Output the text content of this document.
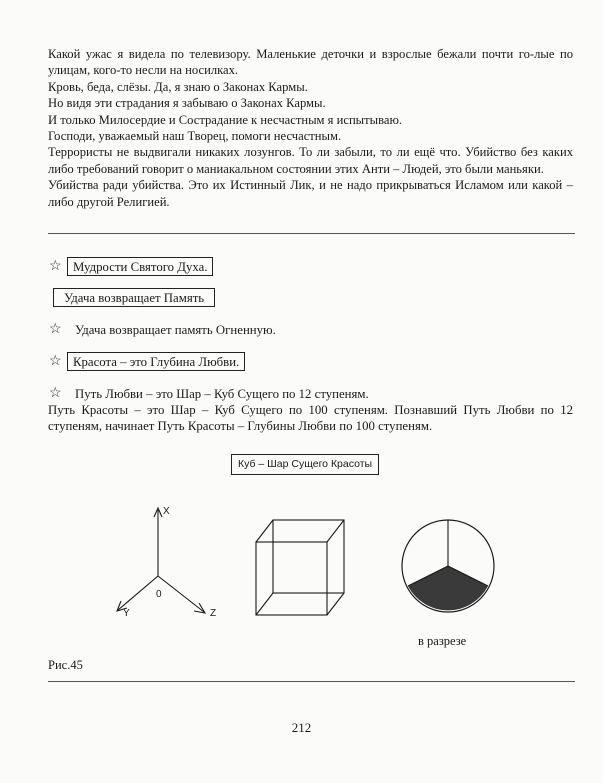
Какой ужас я видела по телевизору. Маленькие деточки и взрослые бежали почти го-лые по улицам, кого-то несли на носилках.

Кровь, беда, слёзы. Да, я знаю о Законах Кармы.

Но видя эти страдания я забываю о Законах Кармы.

И только Милосердие и Сострадание к несчастным я испытываю.

Господи, уважаемый наш Творец, помоги несчастным.

Террористы не выдвигали никаких лозунгов. То ли забыли, то ли ещё что. Убийство без каких либо требований говорит о маниакальном состоянии этих Анти – Людей, это были маньяки.

Убийства ради убийства. Это их Истинный Лик, и не надо прикрываться Исламом или какой – либо другой Религией.

☆ Мудрости Святого Духа.
Удача возвращает Память
☆ Удача возвращает память Огненную.
☆ Красота – это Глубина Любви.
☆ Путь Любви – это Шар – Куб Сущего по 12 ступеням.
Путь Красоты – это Шар – Куб Сущего по 100 ступеням. Познавший Путь Любви по 12 ступеням, начинает Путь Красоты – Глубины Любви по 100 ступеням.
Куб – Шар Сущего Красоты
X
Y	Z
0
в разрезе
Рис.45
212
